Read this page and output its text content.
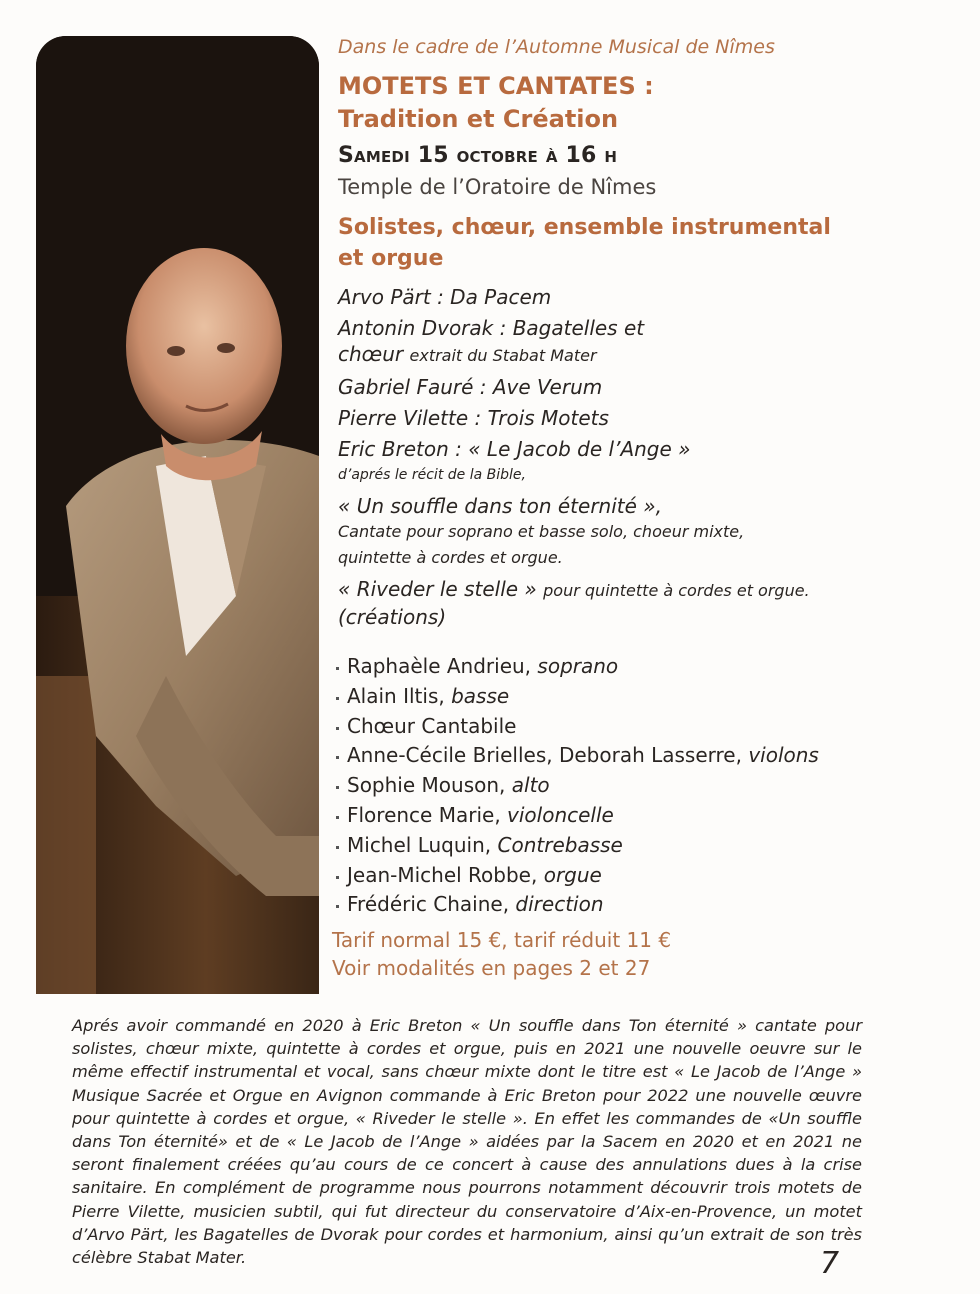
Dans le cadre de l’Automne Musical de Nîmes

MOTETS ET CANTATES :
Tradition et Création
Samedi 15 octobre à 16 h

Temple de l’Oratoire de Nîmes

Solistes, chœur, ensemble instrumental
et orgue
Arvo Pärt : Da Pacem
Antonin Dvorak : Bagatelles et
chœur extrait du Stabat Mater
Gabriel Fauré : Ave Verum
Pierre Vilette : Trois Motets
Eric Breton : « Le Jacob de l’Ange »
d’aprés le récit de la Bible,
« Un souffle dans ton éternité »,
Cantate pour soprano et basse solo, choeur mixte,
quintette à cordes et orgue.
« Riveder le stelle » pour quintette à cordes et orgue.
(créations)
Raphaèle Andrieu, soprano
Alain Iltis, basse
Chœur Cantabile
Anne-Cécile Brielles, Deborah Lasserre, violons
Sophie Mouson, alto
Florence Marie, violoncelle
Michel Luquin, Contrebasse
Jean-Michel Robbe, orgue
Frédéric Chaine, direction
Tarif normal 15 €, tarif réduit 11 €
Voir modalités en pages 2 et 27

Aprés avoir commandé en 2020 à Eric Breton « Un souffle dans Ton éternité » cantate pour solistes, chœur mixte, quintette à cordes et orgue, puis en 2021 une nouvelle oeuvre sur le même effectif instrumental et vocal, sans chœur mixte dont le titre est « Le Jacob de l’Ange » Musique Sacrée et Orgue en Avignon commande à Eric Breton pour 2022 une nouvelle œuvre pour quintette à cordes et orgue, « Riveder le stelle ». En effet les commandes de «Un souffle dans Ton éternité» et de « Le Jacob de l’Ange » aidées par la Sacem en 2020 et en 2021 ne seront finalement créées qu’au cours de ce concert à cause des annulations dues à la crise sanitaire. En complément de programme nous pourrons notamment découvrir trois motets de Pierre Vilette, musicien subtil, qui fut directeur du conservatoire d’Aix-en-Provence, un motet d’Arvo Pärt, les Bagatelles de Dvorak pour cordes et harmonium, ainsi qu’un extrait de son très célèbre Stabat Mater.	7
